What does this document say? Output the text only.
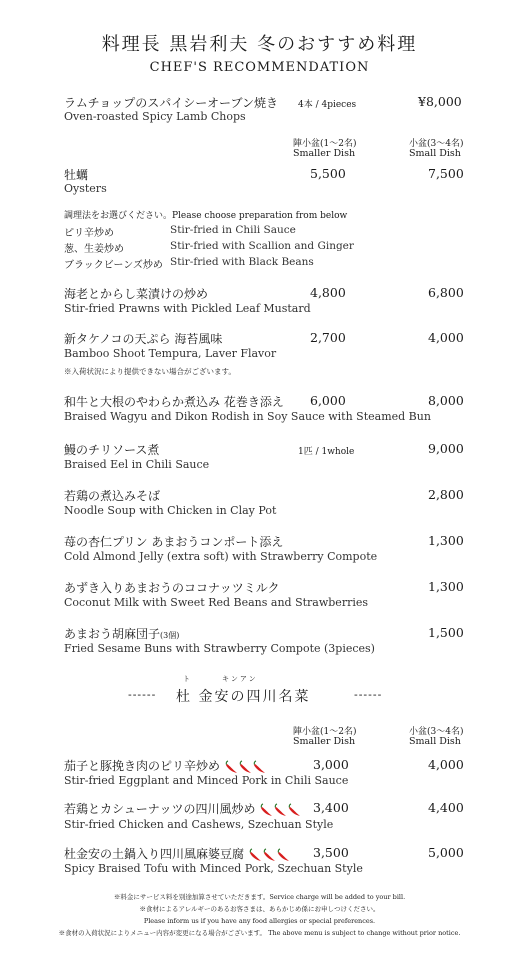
料理長 黒岩利夫 冬のおすすめ料理
CHEF'S RECOMMENDATION
ラムチョップのスパイシーオーブン焼き
Oven-roasted Spicy Lamb Chops
4本 / 4pieces	¥8,000
陣小盆(1～2名)
Smaller Dish
小盆(3～4名)
Small Dish
牡蠣
Oysters
5,500	7,500
調理法をお選びください。Please choose preparation from below
ピリ辛炒め	Stir-fried in Chili Sauce
葱、生姜炒め	Stir-fried with Scallion and Ginger
ブラックビーンズ炒め Stir-fried with Black Beans
海老とからし菜漬けの炒め
Stir-fried Prawns with Pickled Leaf Mustard
4,800	6,800
新タケノコの天ぷら 海苔風味
Bamboo Shoot Tempura, Laver Flavor
※入荷状況により提供できない場合がございます。
2,700	4,000
和牛と大根のやわらか煮込み 花巻き添え
Braised Wagyu and Dikon Rodish in Soy Sauce with Steamed Bun
6,000	8,000
鰻のチリソース煮
Braised Eel in Chili Sauce
1匹 / 1whole	9,000
若鶏の煮込みそば
Noodle Soup with Chicken in Clay Pot
2,800
苺の杏仁プリン あまおうコンポート添え
Cold Almond Jelly (extra soft) with Strawberry Compote
1,300
あずき入りあまおうのココナッツミルク
Coconut Milk with Sweet Red Beans and Strawberries
1,300
あまおう胡麻団子(3個)
Fried Sesame Buns with Strawberry Compote (3pieces)
1,500
ト	キンアン
------ 杜 金安の四川名菜	------
陣小盆(1～2名)
Smaller Dish
小盆(3～4名)
Small Dish
茄子と豚挽き肉のピリ辛炒め
Stir-fried Eggplant and Minced Pork in Chili Sauce
3,000	4,000
若鶏とカシューナッツの四川風炒め
Stir-fried Chicken and Cashews, Szechuan Style
3,400	4,400
杜金安の土鍋入り四川風麻婆豆腐
Spicy Braised Tofu with Minced Pork, Szechuan Style
3,500	5,000
※料金にサービス料を別途加算させていただきます。Service charge will be added to your bill.
※食材によるアレルギーのあるお客さまは、あらかじめ係にお申しつけください。
Please inform us if you have any food allergies or special preferences.
※食材の入荷状況によりメニュー内容が変更になる場合がございます。 The above menu is subject to change without prior notice.
